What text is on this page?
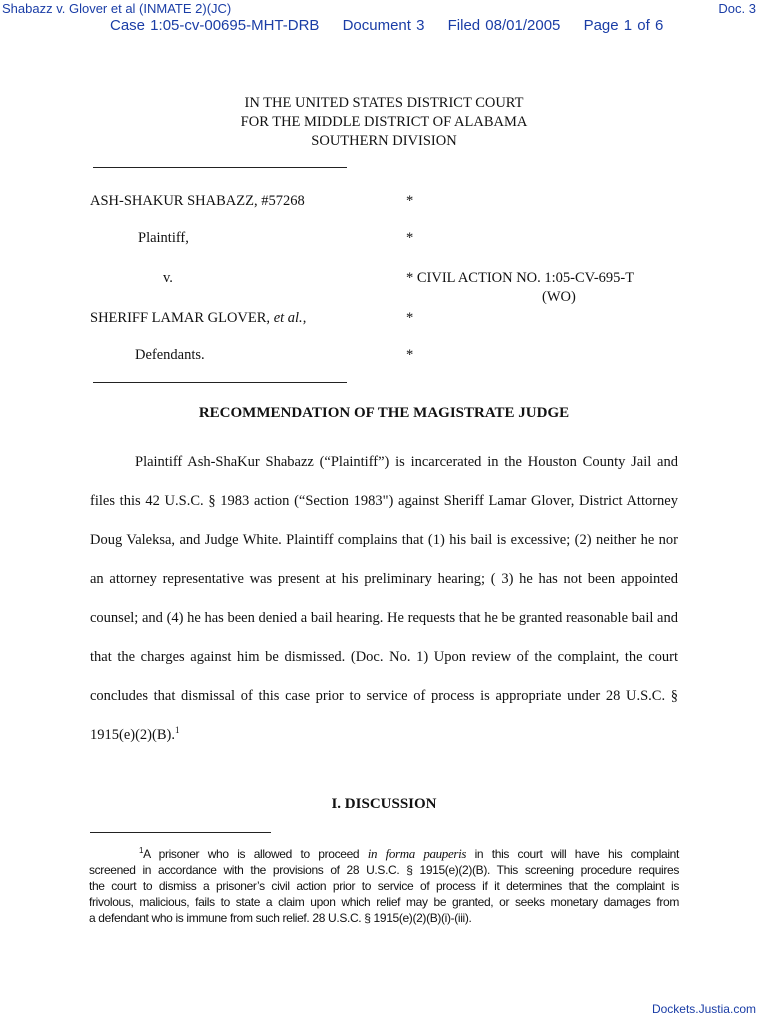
Shabazz v. Glover et al (INMATE 2)(JC)	Doc. 3
Case 1:05-cv-00695-MHT-DRB Document 3 Filed 08/01/2005 Page 1 of 6
IN THE UNITED STATES DISTRICT COURT
FOR THE MIDDLE DISTRICT OF ALABAMA
SOUTHERN DIVISION
ASH-SHAKUR SHABAZZ, #57268	*
Plaintiff,	*
v.	* CIVIL ACTION NO. 1:05-CV-695-T
(WO)
SHERIFF LAMAR GLOVER, et al.,	*
Defendants.	*
RECOMMENDATION OF THE MAGISTRATE JUDGE

Plaintiff Ash-ShaKur Shabazz (“Plaintiff”) is incarcerated in the Houston County Jail and files this 42 U.S.C. § 1983 action (“Section 1983") against Sheriff Lamar Glover, District Attorney Doug Valeksa, and Judge White. Plaintiff complains that (1) his bail is excessive; (2) neither he nor an attorney representative was present at his preliminary hearing; ( 3) he has not been appointed counsel; and (4) he has been denied a bail hearing. He requests that he be granted reasonable bail and that the charges against him be dismissed. (Doc. No. 1) Upon review of the complaint, the court concludes that dismissal of this case prior to service of process is appropriate under 28 U.S.C. § 1915(e)(2)(B).$^1$

I. DISCUSSION
$^1$A prisoner who is allowed to proceed in forma pauperis in this court will have his complaint
screened in accordance with the provisions of 28 U.S.C. § 1915(e)(2)(B). This screening procedure requires
the court to dismiss a prisoner’s civil action prior to service of process if it determines that the complaint is
frivolous, malicious, fails to state a claim upon which relief may be granted, or seeks monetary damages from
a defendant who is immune from such relief. 28 U.S.C. § 1915(e)(2)(B)(i)-(iii).
Dockets.Justia.com
